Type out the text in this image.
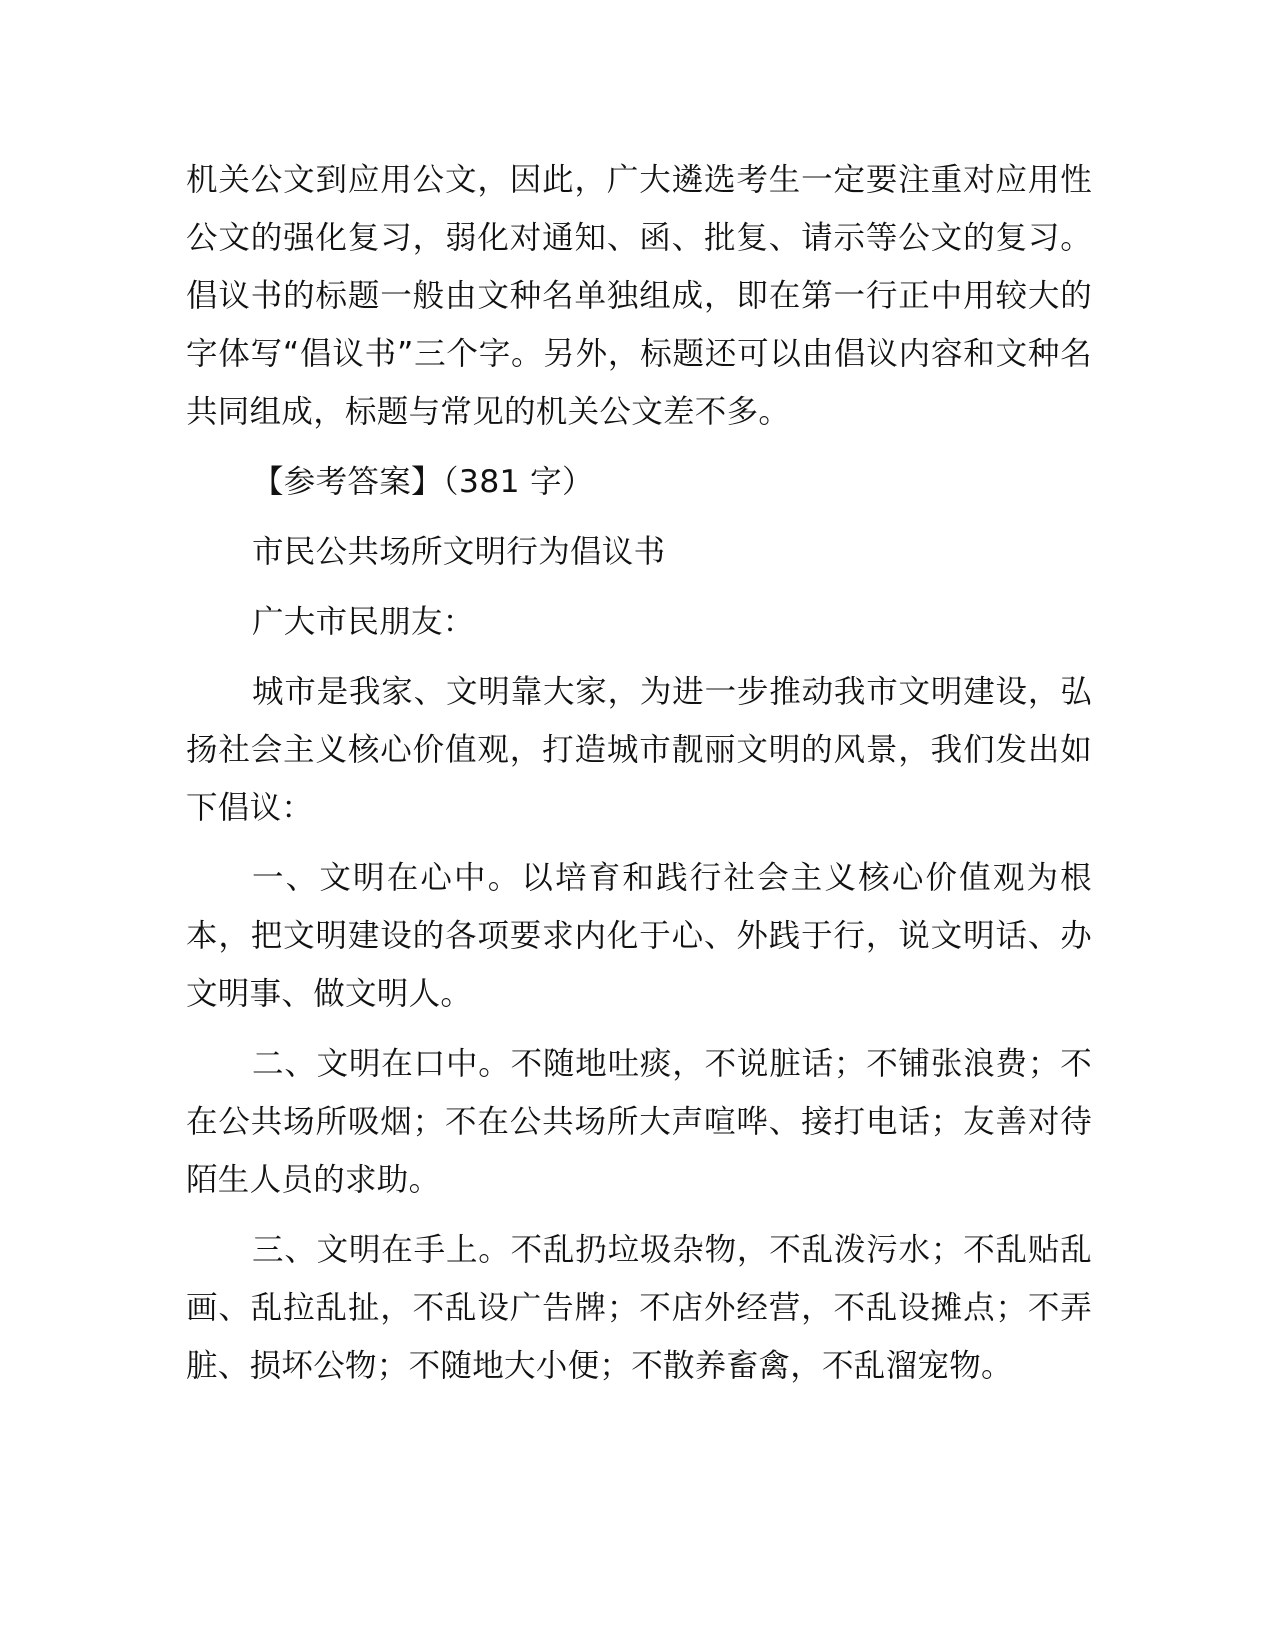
机关公文到应用公文，因此，广大遴选考生一定要注重对应用性公文的强化复习，弱化对通知、函、批复、请示等公文的复习。倡议书的标题一般由文种名单独组成，即在第一行正中用较大的字体写“倡议书”三个字。另外，标题还可以由倡议内容和文种名共同组成，标题与常见的机关公文差不多。

【参考答案】（381 字）

市民公共场所文明行为倡议书

广大市民朋友：

城市是我家、文明靠大家，为进一步推动我市文明建设，弘扬社会主义核心价值观，打造城市靓丽文明的风景，我们发出如下倡议：

一、文明在心中。以培育和践行社会主义核心价值观为根本，把文明建设的各项要求内化于心、外践于行，说文明话、办文明事、做文明人。

二、文明在口中。不随地吐痰，不说脏话；不铺张浪费；不在公共场所吸烟；不在公共场所大声喧哗、接打电话；友善对待陌生人员的求助。

三、文明在手上。不乱扔垃圾杂物，不乱泼污水；不乱贴乱画、乱拉乱扯，不乱设广告牌；不店外经营，不乱设摊点；不弄脏、损坏公物；不随地大小便；不散养畜禽，不乱溜宠物。
